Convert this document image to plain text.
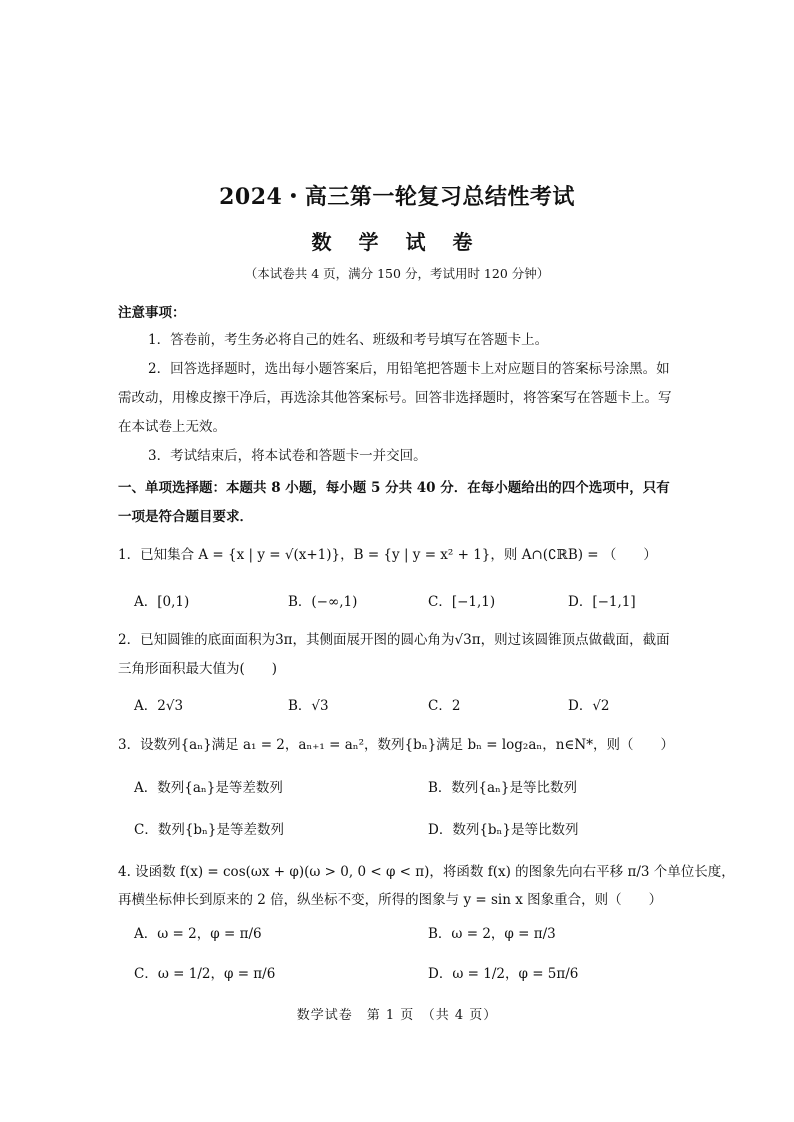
2024・高三第一轮复习总结性考试
数 学 试 卷
（本试卷共 4 页，满分 150 分，考试用时 120 分钟）
注意事项：
1．答卷前，考生务必将自己的姓名、班级和考号填写在答题卡上。
2．回答选择题时，选出每小题答案后，用铅笔把答题卡上对应题目的答案标号涂黑。如需改动，用橡皮擦干净后，再选涂其他答案标号。回答非选择题时，将答案写在答题卡上。写在本试卷上无效。
3．考试结束后，将本试卷和答题卡一并交回。
一、单项选择题：本题共 8 小题，每小题 5 分共 40 分．在每小题给出的四个选项中，只有一项是符合题目要求．
1．已知集合 A = {x | y = √(x+1)}，B = {y | y = x² + 1}，则 A∩(∁ℝB) = （　　）
A．[0,1)	B．(−∞,1)	C．[−1,1)	D．[−1,1]
2．已知圆锥的底面面积为3π，其侧面展开图的圆心角为√3π，则过该圆锥顶点做截面，截面三角形面积最大值为(　　)
A．2√3	B．√3	C．2	D．√2
3．设数列{aₙ}满足 a₁ = 2，aₙ₊₁ = aₙ²，数列{bₙ}满足 bₙ = log₂aₙ，n∈N*，则（　　）
A．数列{aₙ}是等差数列	B．数列{aₙ}是等比数列
C．数列{bₙ}是等差数列	D．数列{bₙ}是等比数列
4. 设函数 f(x) = cos(ωx + φ)(ω > 0, 0 < φ < π)，将函数 f(x) 的图象先向右平移 π/3 个单位长度，
再横坐标伸长到原来的 2 倍，纵坐标不变，所得的图象与 y = sin x 图象重合，则（　　）
A．ω = 2，φ = π/6	B．ω = 2，φ = π/3
C．ω = 1/2，φ = π/6	D．ω = 1/2，φ = 5π/6
数学试卷　第 1 页　（共 4 页）
